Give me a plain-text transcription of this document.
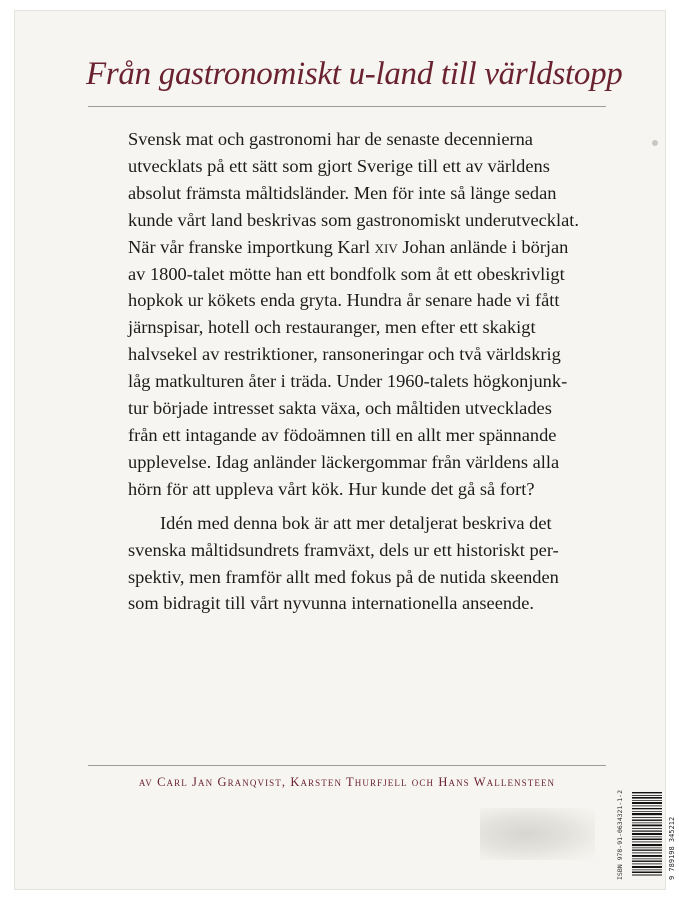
Från gastronomiskt u-land till världstopp
Svensk mat och gastronomi har de senaste decennierna
utvecklats på ett sätt som gjort Sverige till ett av världens
absolut främsta måltidsländer. Men för inte så länge sedan
kunde vårt land beskrivas som gastronomiskt underutvecklat.
När vår franske importkung Karl xiv Johan anlände i början
av 1800-talet mötte han ett bondfolk som åt ett obeskrivligt
hopkok ur kökets enda gryta. Hundra år senare hade vi fått
järnspisar, hotell och restauranger, men efter ett skakigt
halvsekel av restriktioner, ransoneringar och två världskrig
låg matkulturen åter i träda. Under 1960-talets högkonjunk-
tur började intresset sakta växa, och måltiden utvecklades
från ett intagande av födoämnen till en allt mer spännande
upplevelse. Idag anländer läckergommar från världens alla
hörn för att uppleva vårt kök. Hur kunde det gå så fort?
Idén med denna bok är att mer detaljerat beskriva det
svenska måltidsundrets framväxt, dels ur ett historiskt per-
spektiv, men framför allt med fokus på de nutida skeenden
som bidragit till vårt nyvunna internationella anseende.
av Carl Jan Granqvist, Karsten Thurfjell och Hans Wallensteen
ISBN 978-91-0634321-1-2	9 789198 345212
